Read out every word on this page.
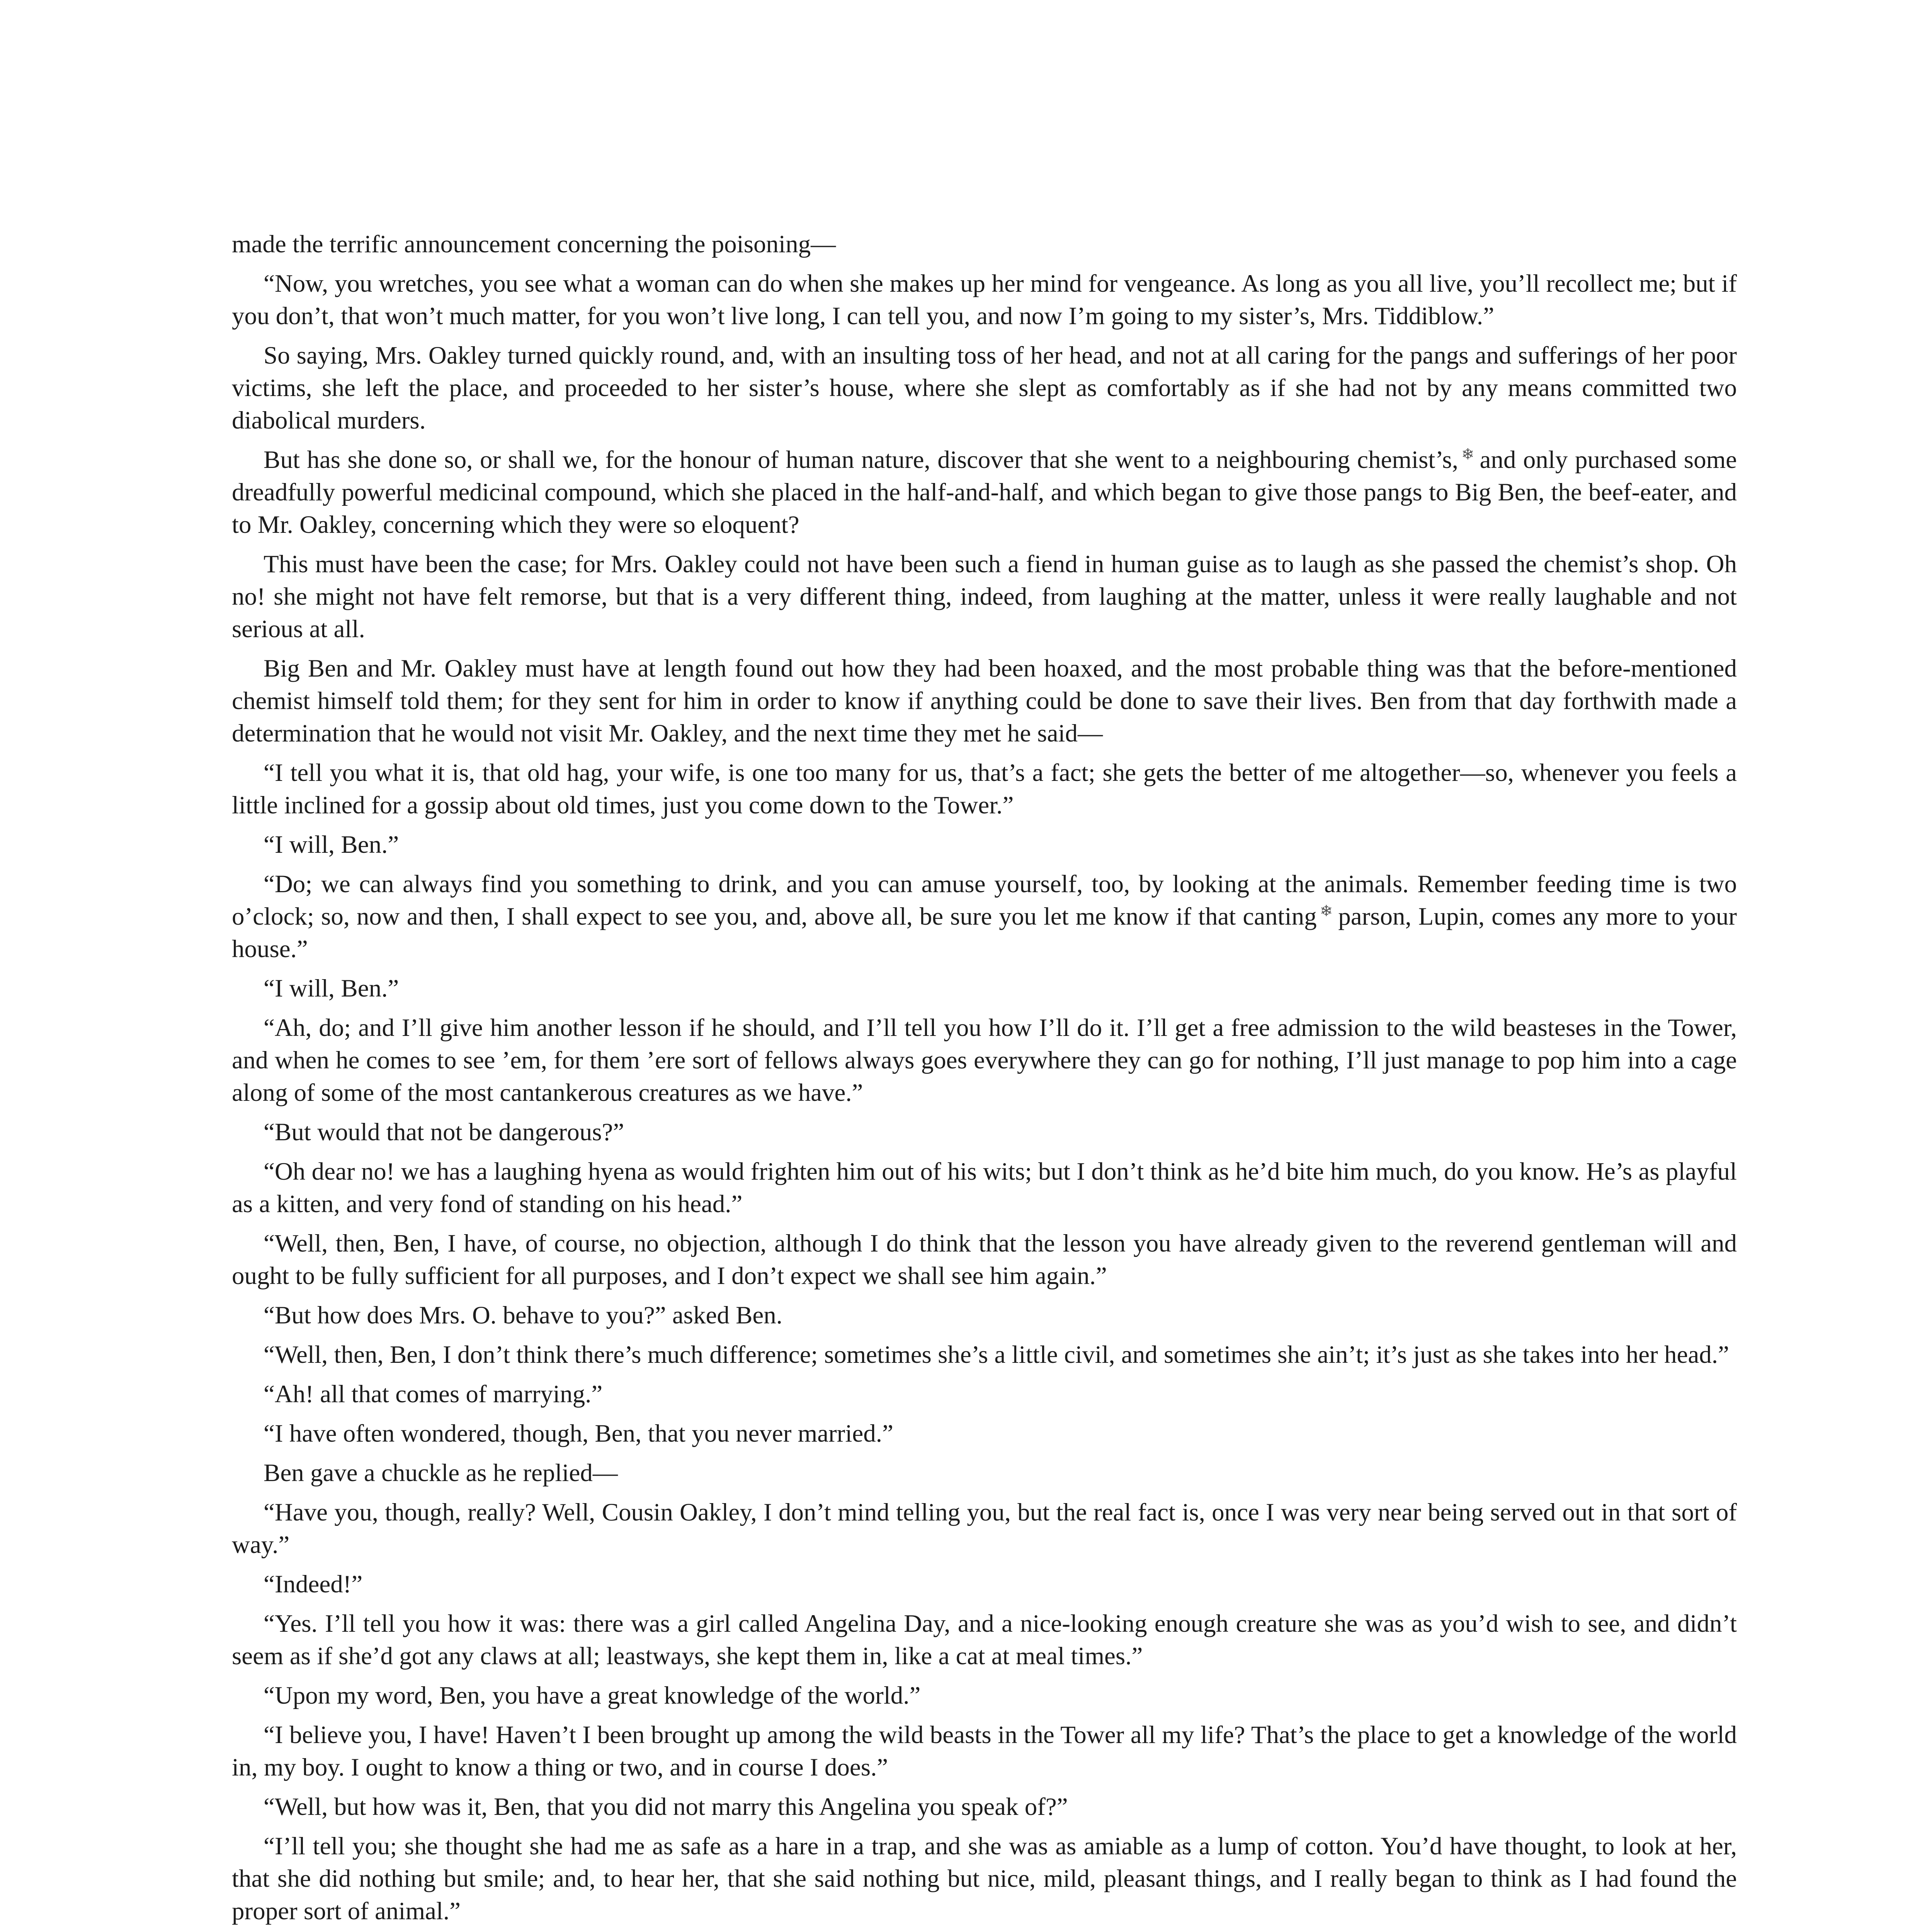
made the terrific announcement concerning the poisoning—

“Now, you wretches, you see what a woman can do when she makes up her mind for vengeance. As long as you all live, you’ll recollect me; but if you don’t, that won’t much matter, for you won’t live long, I can tell you, and now I’m going to my sister’s, Mrs. Tiddiblow.”

So saying, Mrs. Oakley turned quickly round, and, with an insulting toss of her head, and not at all caring for the pangs and sufferings of her poor victims, she left the place, and proceeded to her sister’s house, where she slept as comfortably as if she had not by any means committed two diabolical murders.

But has she done so, or shall we, for the honour of human nature, discover that she went to a neighbouring chemist’s, ❄ and only purchased some dreadfully powerful medicinal compound, which she placed in the half-and-half, and which began to give those pangs to Big Ben, the beef-eater, and to Mr. Oakley, concerning which they were so eloquent?

This must have been the case; for Mrs. Oakley could not have been such a fiend in human guise as to laugh as she passed the chemist’s shop. Oh no! she might not have felt remorse, but that is a very different thing, indeed, from laughing at the matter, unless it were really laughable and not serious at all.

Big Ben and Mr. Oakley must have at length found out how they had been hoaxed, and the most probable thing was that the before-mentioned chemist himself told them; for they sent for him in order to know if anything could be done to save their lives. Ben from that day forthwith made a determination that he would not visit Mr. Oakley, and the next time they met he said—

“I tell you what it is, that old hag, your wife, is one too many for us, that’s a fact; she gets the better of me altogether—so, whenever you feels a little inclined for a gossip about old times, just you come down to the Tower.”

“I will, Ben.”

“Do; we can always find you something to drink, and you can amuse yourself, too, by looking at the animals. Remember feeding time is two o’clock; so, now and then, I shall expect to see you, and, above all, be sure you let me know if that canting ❄ parson, Lupin, comes any more to your house.”

“I will, Ben.”

“Ah, do; and I’ll give him another lesson if he should, and I’ll tell you how I’ll do it. I’ll get a free admission to the wild beasteses in the Tower, and when he comes to see ’em, for them ’ere sort of fellows always goes everywhere they can go for nothing, I’ll just manage to pop him into a cage along of some of the most cantankerous creatures as we have.”

“But would that not be dangerous?”

“Oh dear no! we has a laughing hyena as would frighten him out of his wits; but I don’t think as he’d bite him much, do you know. He’s as playful as a kitten, and very fond of standing on his head.”

“Well, then, Ben, I have, of course, no objection, although I do think that the lesson you have already given to the reverend gentleman will and ought to be fully sufficient for all purposes, and I don’t expect we shall see him again.”

“But how does Mrs. O. behave to you?” asked Ben.

“Well, then, Ben, I don’t think there’s much difference; sometimes she’s a little civil, and sometimes she ain’t; it’s just as she takes into her head.”

“Ah! all that comes of marrying.”

“I have often wondered, though, Ben, that you never married.”

Ben gave a chuckle as he replied—

“Have you, though, really? Well, Cousin Oakley, I don’t mind telling you, but the real fact is, once I was very near being served out in that sort of way.”

“Indeed!”

“Yes. I’ll tell you how it was: there was a girl called Angelina Day, and a nice-looking enough creature she was as you’d wish to see, and didn’t seem as if she’d got any claws at all; leastways, she kept them in, like a cat at meal times.”

“Upon my word, Ben, you have a great knowledge of the world.”

“I believe you, I have! Haven’t I been brought up among the wild beasts in the Tower all my life? That’s the place to get a knowledge of the world in, my boy. I ought to know a thing or two, and in course I does.”

“Well, but how was it, Ben, that you did not marry this Angelina you speak of?”

“I’ll tell you; she thought she had me as safe as a hare in a trap, and she was as amiable as a lump of cotton. You’d have thought, to look at her, that she did nothing but smile; and, to hear her, that she said nothing but nice, mild, pleasant things, and I really began to think as I had found the proper sort of animal.”
